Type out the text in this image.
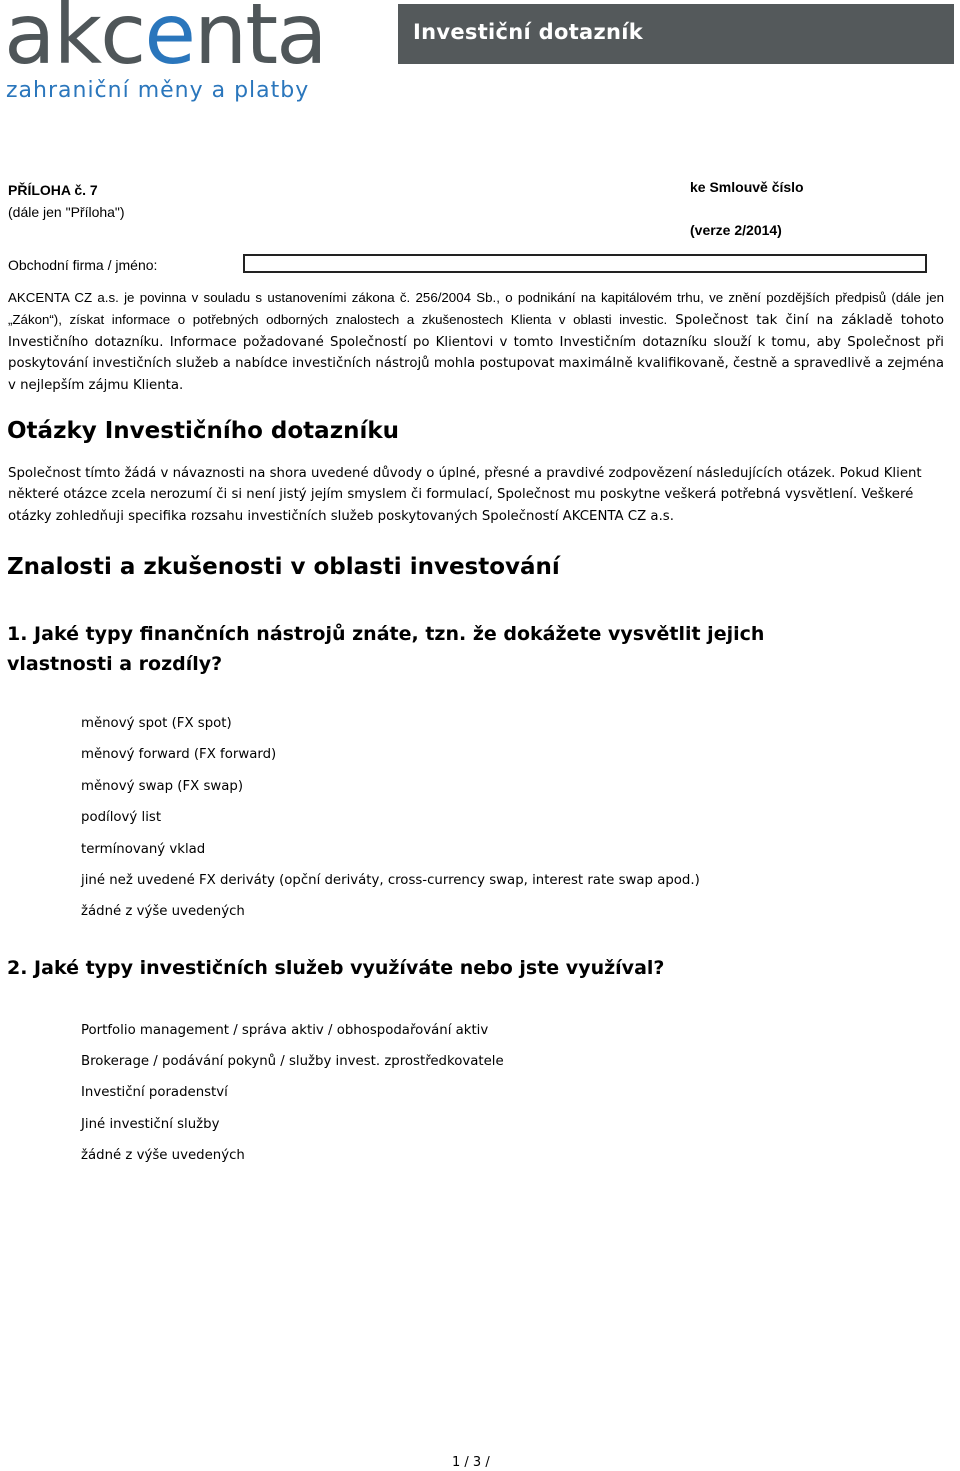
akcenta
zahraniční měny a platby
Investiční dotazník
PŘÍLOHA č. 7
(dále jen "Příloha")
ke Smlouvě číslo
(verze 2/2014)
Obchodní firma / jméno:
AKCENTA CZ a.s. je povinna v souladu s ustanoveními zákona č. 256/2004 Sb., o podnikání na kapitálovém trhu, ve znění pozdějších předpisů (dále jen „Zákon“), získat informace o potřebných odborných znalostech a zkušenostech Klienta v oblasti investic. Společnost tak činí na základě tohoto Investičního dotazníku. Informace požadované Společností po Klientovi v tomto Investičním dotazníku slouží k tomu, aby Společnost při poskytování investičních služeb a nabídce investičních nástrojů mohla postupovat maximálně kvalifikovaně, čestně a spravedlivě a zejména v nejlepším zájmu Klienta.
Otázky Investičního dotazníku
Společnost tímto žádá v návaznosti na shora uvedené důvody o úplné, přesné a pravdivé zodpovězení následujících otázek. Pokud Klient některé otázce zcela nerozumí či si není jistý jejím smyslem či formulací, Společnost mu poskytne veškerá potřebná vysvětlení. Veškeré otázky zohledňuji specifika rozsahu investičních služeb poskytovaných Společností AKCENTA CZ a.s.
Znalosti a zkušenosti v oblasti investování
1. Jaké typy finančních nástrojů znáte, tzn. že dokážete vysvětlit jejich vlastnosti a rozdíly?
měnový spot (FX spot)
měnový forward (FX forward)
měnový swap (FX swap)
podílový list
termínovaný vklad
jiné než uvedené FX deriváty (opční deriváty, cross-currency swap, interest rate swap apod.)
žádné z výše uvedených
2. Jaké typy investičních služeb využíváte nebo jste využíval?
Portfolio management / správa aktiv / obhospodařování aktiv
Brokerage / podávání pokynů / služby invest. zprostředkovatele
Investiční poradenství
Jiné investiční služby
žádné z výše uvedených
1 / 3 /
